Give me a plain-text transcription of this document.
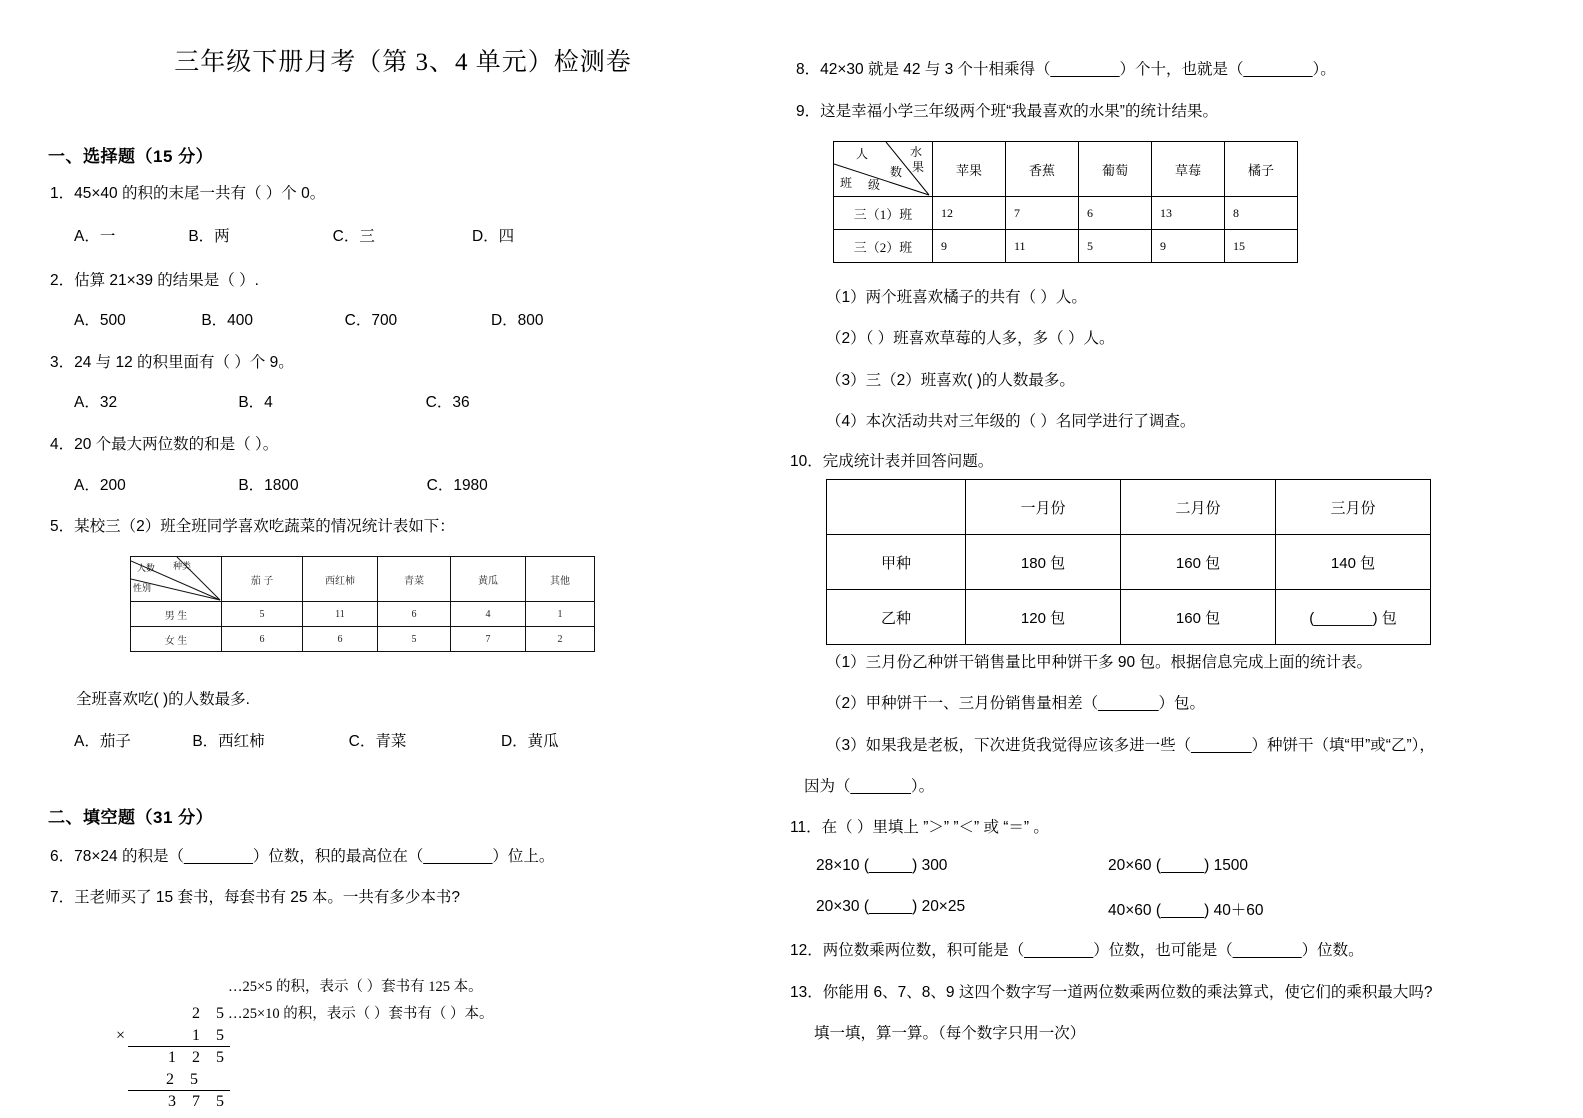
三年级下册月考（第 3、4 单元）检测卷
一、选择题（15 分）
1．45×40 的积的末尾一共有（ ）个 0。
A．一	B．两	C．三	D．四
2．估算 21×39 的结果是（ ）.
A．500	B．400	C．700	D．800
3．24 与 12 的积里面有（ ）个 9。
A．32	B．4	C．36
4．20 个最大两位数的和是（ ）。
A．200	B．1800	C．1980
5．某校三（2）班全班同学喜欢吃蔬菜的情况统计表如下：
人数 种类
性别	茄 子	西红柿	青菜	黄瓜	其他
男 生	5	11	6	4	1
女 生	6	6	5	7	2
全班喜欢吃( )的人数最多.
A．茄子	B．西红柿	C．青菜	D．黄瓜
二、填空题（31 分）
6．78×24 的积是（________）位数，积的最高位在（________）位上。
7．王老师买了 15 套书，每套书有 25 本。一共有多少本书?
2 5
×	1 5
1 2 5
2 5
3 7 5
…25×5 的积，表示（ ）套书有 125 本。
…25×10 的积，表示（ ）套书有（ ）本。
8．42×30 就是 42 与 3 个十相乘得（________）个十，也就是（________）。
9．这是幸福小学三年级两个班“我最喜欢的水果”的统计结果。
人	水
果
数
班 级
	苹果	香蕉	葡萄	草莓	橘子
三（1）班	12	7	6	13	8
三（2）班	9	11	5	9	15
（1）两个班喜欢橘子的共有（ ）人。
（2）（ ）班喜欢草莓的人多，多（ ）人。
（3）三（2）班喜欢( )的人数最多。
（4）本次活动共对三年级的（ ）名同学进行了调查。
10．完成统计表并回答问题。
	一月份	二月份	三月份
甲种	180 包	160 包	140 包
乙种	120 包	160 包	(_______) 包
（1）三月份乙种饼干销售量比甲种饼干多 90 包。根据信息完成上面的统计表。
（2）甲种饼干一、三月份销售量相差（_______）包。
（3）如果我是老板，下次进货我觉得应该多进一些（_______）种饼干（填“甲”或“乙”），
因为（_______）。
11．在（ ）里填上 ”＞” ”＜” 或 “＝” 。
28×10 (_____) 300	20×60 (_____) 1500
20×30 (_____) 20×25	40×60 (_____) 40＋60
12．两位数乘两位数，积可能是（________）位数，也可能是（________）位数。
13．你能用 6、7、8、9 这四个数字写一道两位数乘两位数的乘法算式，使它们的乘积最大吗?
填一填，算一算。（每个数字只用一次）
